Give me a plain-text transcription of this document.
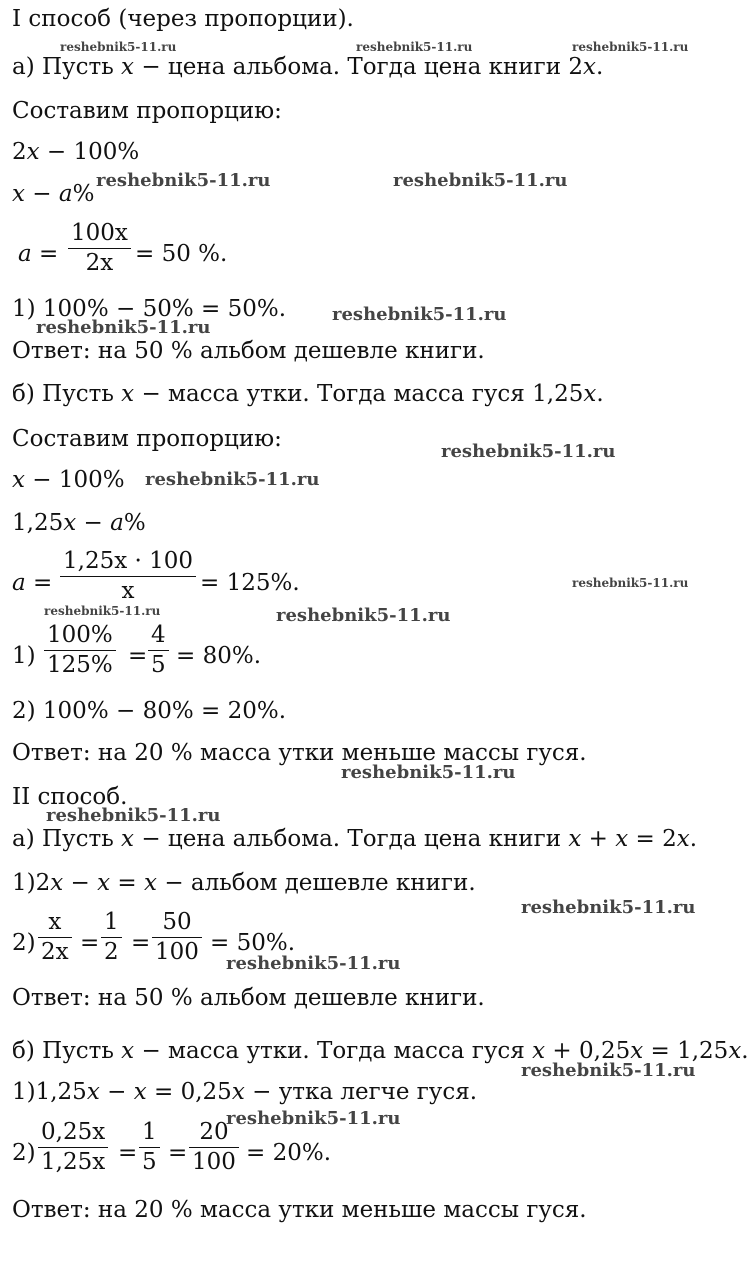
I способ (через пропорции).
а) Пусть x − цена альбома. Тогда цена книги 2x.
Составим пропорцию:
2x − 100%
x − a%
a =
100x
2x = 50 %.
1) 100% − 50% = 50%.
Ответ: на 50 % альбом дешевле книги.
б) Пусть x − масса утки. Тогда масса гуся 1,25x.
Составим пропорцию:
x − 100%
1,25x − a%
a =
1,25x · 100
x	= 125%.
1)
100%
125% =
4
5 = 80%.
2) 100% − 80% = 20%.
Ответ: на 20 % масса утки меньше массы гуся.
II способ.
а) Пусть x − цена альбома. Тогда цена книги x + x = 2x.
1)2x − x = x − альбом дешевле книги.
2)
x
2x =
1
2 =
50
100 = 50%.
Ответ: на 50 % альбом дешевле книги.
б) Пусть x − масса утки. Тогда масса гуся x + 0,25x = 1,25x.
1)1,25x − x = 0,25x − утка легче гуся.
2)
0,25x
1,25x =
1
5 =
20
100 = 20%.
Ответ: на 20 % масса утки меньше массы гуся.
reshebnik5-11.ru	reshebnik5-11.ru	reshebnik5-11.ru
reshebnik5-11.ru	reshebnik5-11.ru
reshebnik5-11.ru
reshebnik5-11.ru
reshebnik5-11.ru
reshebnik5-11.ru
reshebnik5-11.ru
reshebnik5-11.ru	reshebnik5-11.ru
reshebnik5-11.ru
reshebnik5-11.ru
reshebnik5-11.ru
reshebnik5-11.ru
reshebnik5-11.ru
reshebnik5-11.ru
